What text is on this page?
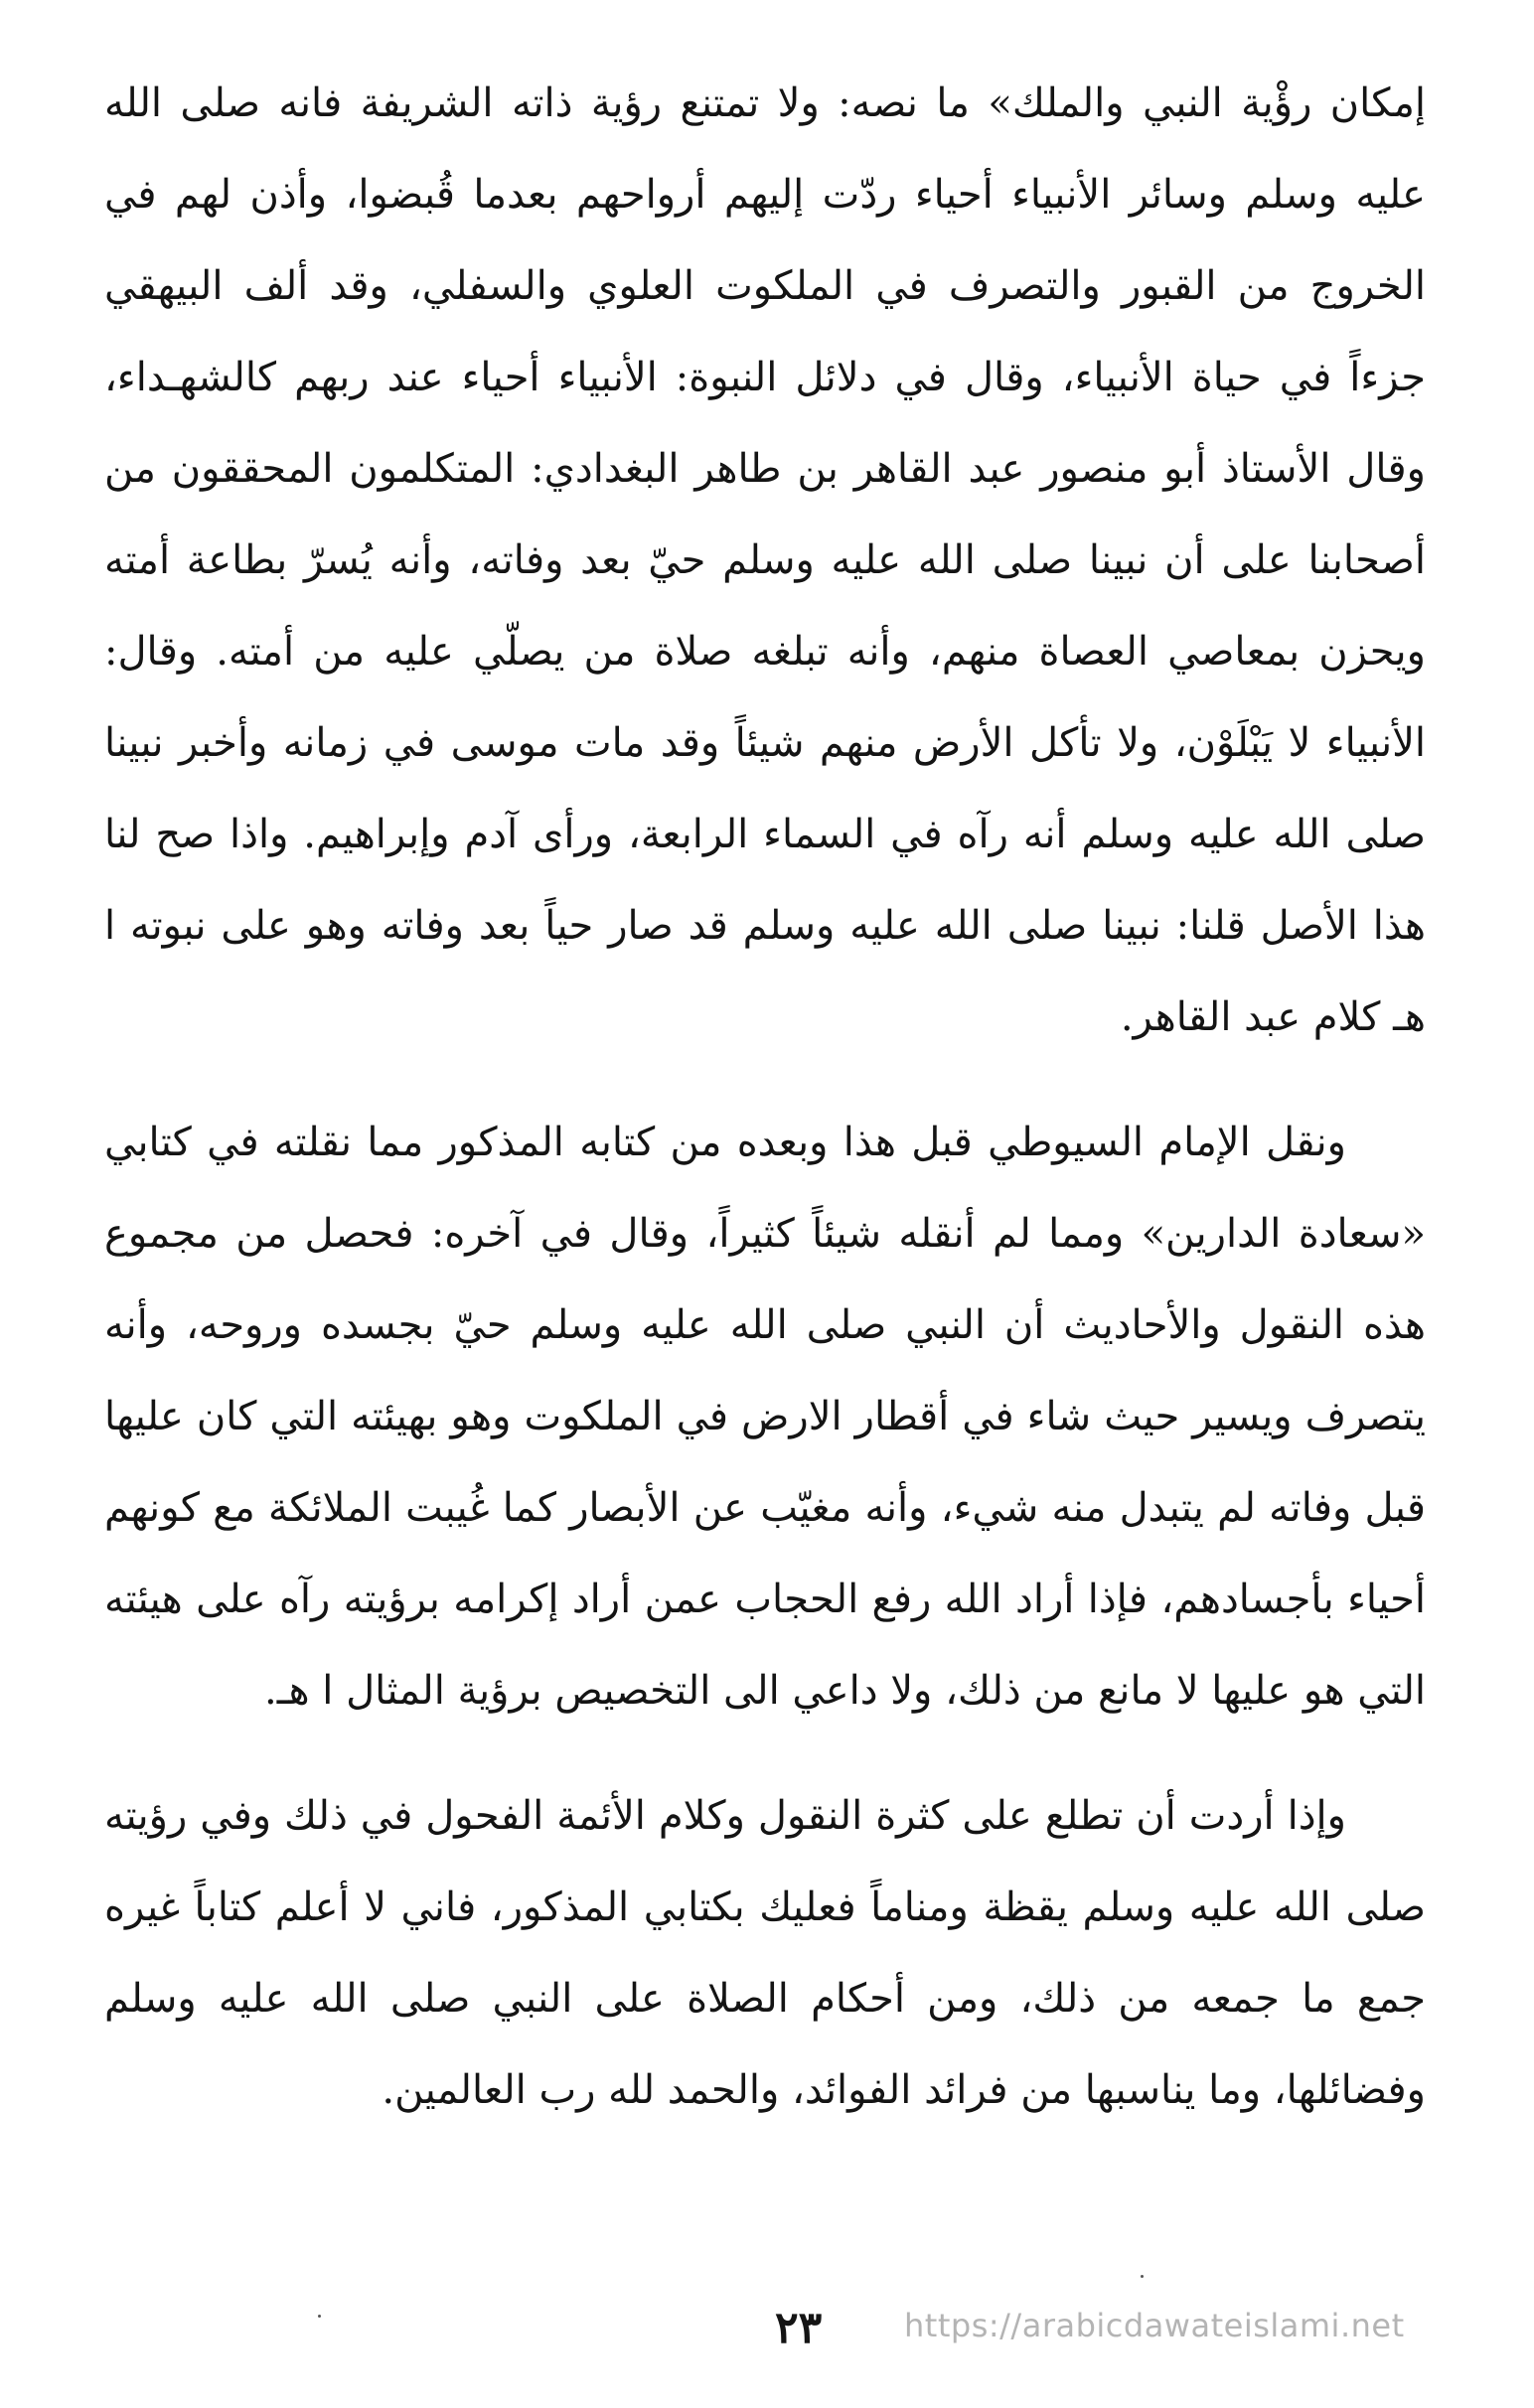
إمكان رؤْية النبي والملك» ما نصه: ولا تمتنع رؤية ذاته الشريفة فانه صلى الله عليه وسلم وسائر الأنبياء أحياء ردّت إليهم أرواحهم بعدما قُبضوا، وأذن لهم في الخروج من القبور والتصرف في الملكوت العلوي والسفلي، وقد ألف البيهقي جزءاً في حياة الأنبياء، وقال في دلائل النبوة: الأنبياء أحياء عند ربهم كالشهـداء، وقال الأستاذ أبو منصور عبد القاهر بن طاهر البغدادي: المتكلمون المحققون من أصحابنا على أن نبينا صلى الله عليه وسلم حيّ بعد وفاته، وأنه يُسرّ بطاعة أمته ويحزن بمعاصي العصاة منهم، وأنه تبلغه صلاة من يصلّي عليه من أمته. وقال: الأنبياء لا يَبْلَوْن، ولا تأكل الأرض منهم شيئاً وقد مات موسى في زمانه وأخبر نبينا صلى الله عليه وسلم أنه رآه في السماء الرابعة، ورأى آدم وإبراهيم. واذا صح لنا هذا الأصل قلنا: نبينا صلى الله عليه وسلم قد صار حياً بعد وفاته وهو على نبوته ا هـ كلام عبد القاهر.

ونقل الإمام السيوطي قبل هذا وبعده من كتابه المذكور مما نقلته في كتابي «سعادة الدارين» ومما لم أنقله شيئاً كثيراً، وقال في آخره: فحصل من مجموع هذه النقول والأحاديث أن النبي صلى الله عليه وسلم حيّ بجسده وروحه، وأنه يتصرف ويسير حيث شاء في أقطار الارض في الملكوت وهو بهيئته التي كان عليها قبل وفاته لم يتبدل منه شيء، وأنه مغيّب عن الأبصار كما غُيبت الملائكة مع كونهم أحياء بأجسادهم، فإذا أراد الله رفع الحجاب عمن أراد إكرامه برؤيته رآه على هيئته التي هو عليها لا مانع من ذلك، ولا داعي الى التخصيص برؤية المثال ا هـ.

وإذا أردت أن تطلع على كثرة النقول وكلام الأئمة الفحول في ذلك وفي رؤيته صلى الله عليه وسلم يقظة ومناماً فعليك بكتابي المذكور، فاني لا أعلم كتاباً غيره جمع ما جمعه من ذلك، ومن أحكام الصلاة على النبي صلى الله عليه وسلم وفضائلها، وما يناسبها من فرائد الفوائد، والحمد لله رب العالمين.

٢٣	https://arabicdawateislami.net
